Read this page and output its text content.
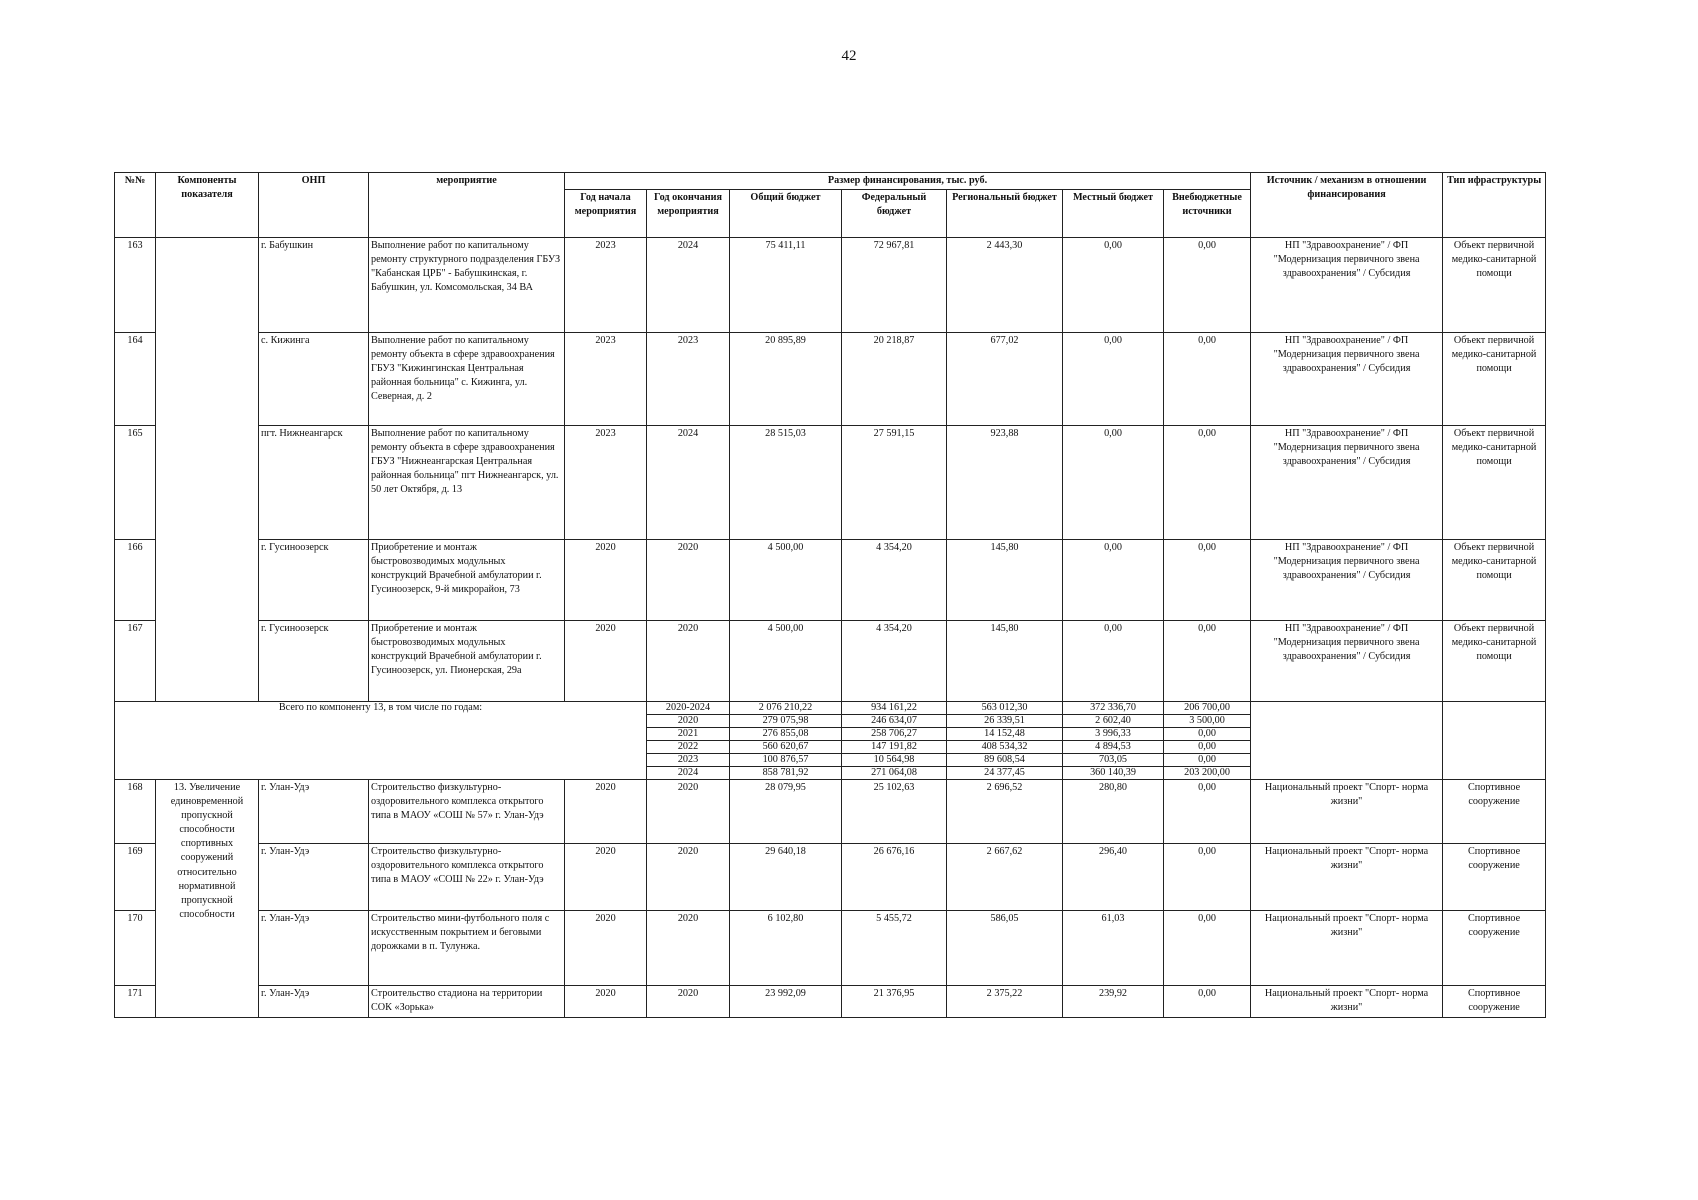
42
№№	Компоненты показателя	ОНП	мероприятие	Размер финансирования, тыс. руб.							Источник / механизм в отношении финансирования	Тип ифраструктуры
				Год начала мероприятия	Год окончания мероприятия	Общий бюджет	Федеральный бюджет	Региональный бюджет	Местный бюджет	Внебюджетные источники		
163		г. Бабушкин	Выполнение работ по капитальному ремонту структурного подразделения ГБУЗ "Кабанская ЦРБ" - Бабушкинская, г. Бабушкин, ул. Комсомольская, 34 ВА	2023	2024	75 411,11	72 967,81	2 443,30	0,00	0,00	НП "Здравоохранение" / ФП "Модернизация первичного звена здравоохранения" / Субсидия	Объект первичной медико-санитарной помощи
164		с. Кижинга	Выполнение работ по капитальному ремонту объекта в сфере здравоохранения ГБУЗ "Кижингинская Центральная районная больница" с. Кижинга, ул. Северная, д. 2	2023	2023	20 895,89	20 218,87	677,02	0,00	0,00	НП "Здравоохранение" / ФП "Модернизация первичного звена здравоохранения" / Субсидия	Объект первичной медико-санитарной помощи
165		пгт. Нижнеангарск	Выполнение работ по капитальному ремонту объекта в сфере здравоохранения ГБУЗ "Нижнеангарская Центральная районная больница" пгт Нижнеангарск, ул. 50 лет Октября, д. 13	2023	2024	28 515,03	27 591,15	923,88	0,00	0,00	НП "Здравоохранение" / ФП "Модернизация первичного звена здравоохранения" / Субсидия	Объект первичной медико-санитарной помощи
166		г. Гусиноозерск	Приобретение и монтаж быстровозводимых модульных конструкций Врачебной амбулатории г. Гусиноозерск, 9-й микрорайон, 73	2020	2020	4 500,00	4 354,20	145,80	0,00	0,00	НП "Здравоохранение" / ФП "Модернизация первичного звена здравоохранения" / Субсидия	Объект первичной медико-санитарной помощи
167		г. Гусиноозерск	Приобретение и монтаж быстровозводимых модульных конструкций Врачебной амбулатории г. Гусиноозерск, ул. Пионерская, 29а	2020	2020	4 500,00	4 354,20	145,80	0,00	0,00	НП "Здравоохранение" / ФП "Модернизация первичного звена здравоохранения" / Субсидия	Объект первичной медико-санитарной помощи
Всего по компоненту 13, в том числе по годам:					2020-2024	2 076 210,22	934 161,22	563 012,30	372 336,70	206 700,00		
					2020	279 075,98	246 634,07	26 339,51	2 602,40	3 500,00		
					2021	276 855,08	258 706,27	14 152,48	3 996,33	0,00		
					2022	560 620,67	147 191,82	408 534,32	4 894,53	0,00		
					2023	100 876,57	10 564,98	89 608,54	703,05	0,00		
					2024	858 781,92	271 064,08	24 377,45	360 140,39	203 200,00		
168	13. Увеличение единовременной пропускной способности спортивных сооружений относительно нормативной пропускной способности	г. Улан-Удэ	Строительство физкультурно-оздоровительного комплекса открытого типа в МАОУ «СОШ № 57» г. Улан-Удэ	2020	2020	28 079,95	25 102,63	2 696,52	280,80	0,00	Национальный проект "Спорт- норма жизни"	Спортивное сооружение
169		г. Улан-Удэ	Строительство физкультурно-оздоровительного комплекса открытого типа в МАОУ «СОШ № 22» г. Улан-Удэ	2020	2020	29 640,18	26 676,16	2 667,62	296,40	0,00	Национальный проект "Спорт- норма жизни"	Спортивное сооружение
170		г. Улан-Удэ	Строительство мини-футбольного поля с искусственным покрытием и беговыми дорожками в п. Тулунжа.	2020	2020	6 102,80	5 455,72	586,05	61,03	0,00	Национальный проект "Спорт- норма жизни"	Спортивное сооружение
171		г. Улан-Удэ	Строительство стадиона на территории СОК «Зорька»	2020	2020	23 992,09	21 376,95	2 375,22	239,92	0,00	Национальный проект "Спорт- норма жизни"	Спортивное сооружение
